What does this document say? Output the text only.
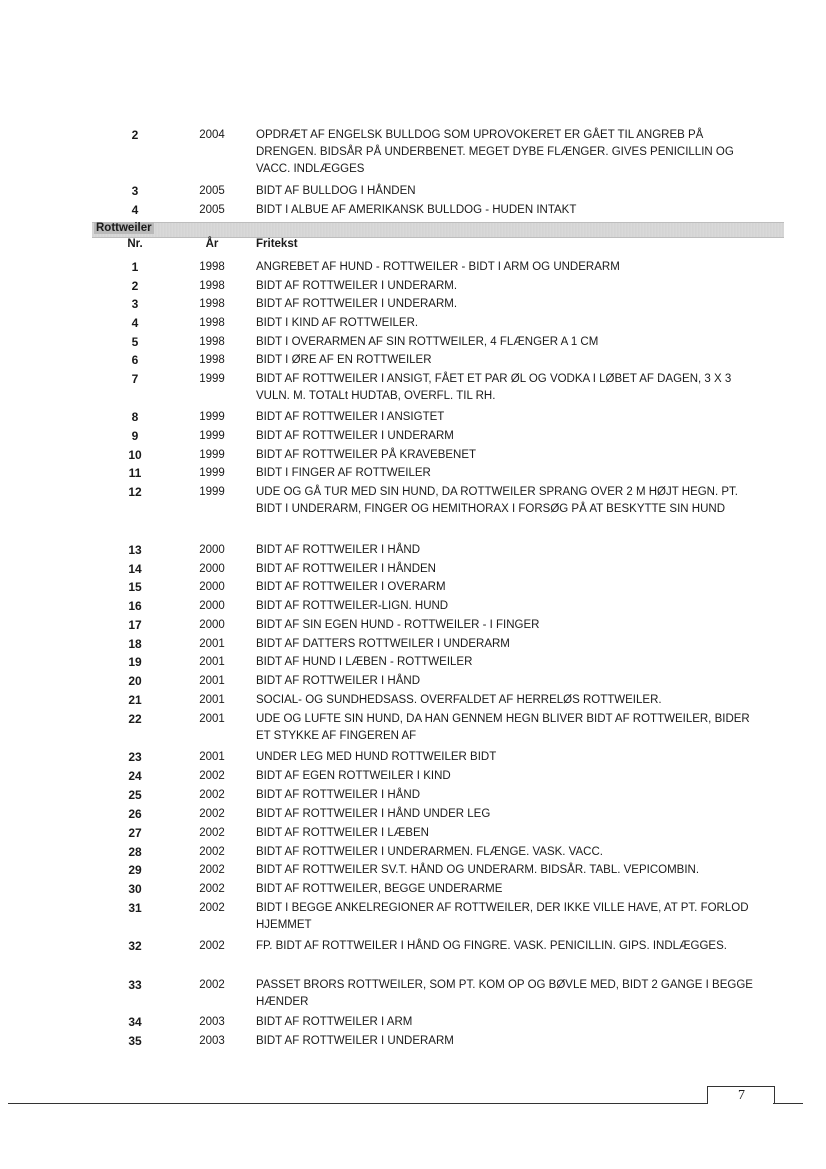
2	2004	OPDRÆT AF ENGELSK BULLDOG SOM UPROVOKERET ER GÅET TIL ANGREB PÅ DRENGEN. BIDSÅR PÅ UNDERBENET. MEGET DYBE FLÆNGER. GIVES PENICILLIN OG VACC. INDLÆGGES
3	2005	BIDT AF BULLDOG I HÅNDEN
4	2005	BIDT I ALBUE AF AMERIKANSK BULLDOG - HUDEN INTAKT
Rottweiler
Nr.	År	Fritekst
1	1998	ANGREBET AF HUND - ROTTWEILER - BIDT I ARM OG UNDERARM
2	1998	BIDT AF ROTTWEILER I UNDERARM.
3	1998	BIDT AF ROTTWEILER I UNDERARM.
4	1998	BIDT I KIND AF ROTTWEILER.
5	1998	BIDT I OVERARMEN AF SIN ROTTWEILER, 4 FLÆNGER A 1 CM
6	1998	BIDT I ØRE AF EN ROTTWEILER
7	1999	BIDT AF ROTTWEILER I ANSIGT, FÅET ET PAR ØL OG VODKA I LØBET AF DAGEN, 3 X 3 VULN. M. TOTALt HUDTAB, OVERFL. TIL RH.
8	1999	BIDT AF ROTTWEILER I ANSIGTET
9	1999	BIDT AF ROTTWEILER I UNDERARM
10	1999	BIDT AF ROTTWEILER PÅ KRAVEBENET
11	1999	BIDT I FINGER AF ROTTWEILER
12	1999	UDE OG GÅ TUR MED SIN HUND, DA ROTTWEILER SPRANG OVER 2 M HØJT HEGN. PT. BIDT I UNDERARM, FINGER OG HEMITHORAX I FORSØG PÅ AT BESKYTTE SIN HUND
13	2000	BIDT AF ROTTWEILER I HÅND
14	2000	BIDT AF ROTTWEILER I HÅNDEN
15	2000	BIDT AF ROTTWEILER I OVERARM
16	2000	BIDT AF ROTTWEILER-LIGN. HUND
17	2000	BIDT AF SIN EGEN HUND - ROTTWEILER - I FINGER
18	2001	BIDT AF DATTERS ROTTWEILER I UNDERARM
19	2001	BIDT AF HUND I LÆBEN - ROTTWEILER
20	2001	BIDT AF ROTTWEILER I HÅND
21	2001	SOCIAL- OG SUNDHEDSASS. OVERFALDET AF HERRELØS ROTTWEILER.
22	2001	UDE OG LUFTE SIN HUND, DA HAN GENNEM HEGN BLIVER BIDT AF ROTTWEILER, BIDER ET STYKKE AF FINGEREN AF
23	2001	UNDER LEG MED HUND ROTTWEILER BIDT
24	2002	BIDT AF EGEN ROTTWEILER I KIND
25	2002	BIDT AF ROTTWEILER I HÅND
26	2002	BIDT AF ROTTWEILER I HÅND UNDER LEG
27	2002	BIDT AF ROTTWEILER I LÆBEN
28	2002	BIDT AF ROTTWEILER I UNDERARMEN. FLÆNGE. VASK. VACC.
29	2002	BIDT AF ROTTWEILER SV.T. HÅND OG UNDERARM. BIDSÅR. TABL. VEPICOMBIN.
30	2002	BIDT AF ROTTWEILER, BEGGE UNDERARME
31	2002	BIDT I BEGGE ANKELREGIONER AF ROTTWEILER, DER IKKE VILLE HAVE, AT PT. FORLOD HJEMMET
32	2002	FP. BIDT AF ROTTWEILER I HÅND OG FINGRE. VASK. PENICILLIN. GIPS. INDLÆGGES.
33	2002	PASSET BRORS ROTTWEILER, SOM PT. KOM OP OG BØVLE MED, BIDT 2 GANGE I BEGGE HÆNDER
34	2003	BIDT AF ROTTWEILER I ARM
35	2003	BIDT AF ROTTWEILER I UNDERARM
7
